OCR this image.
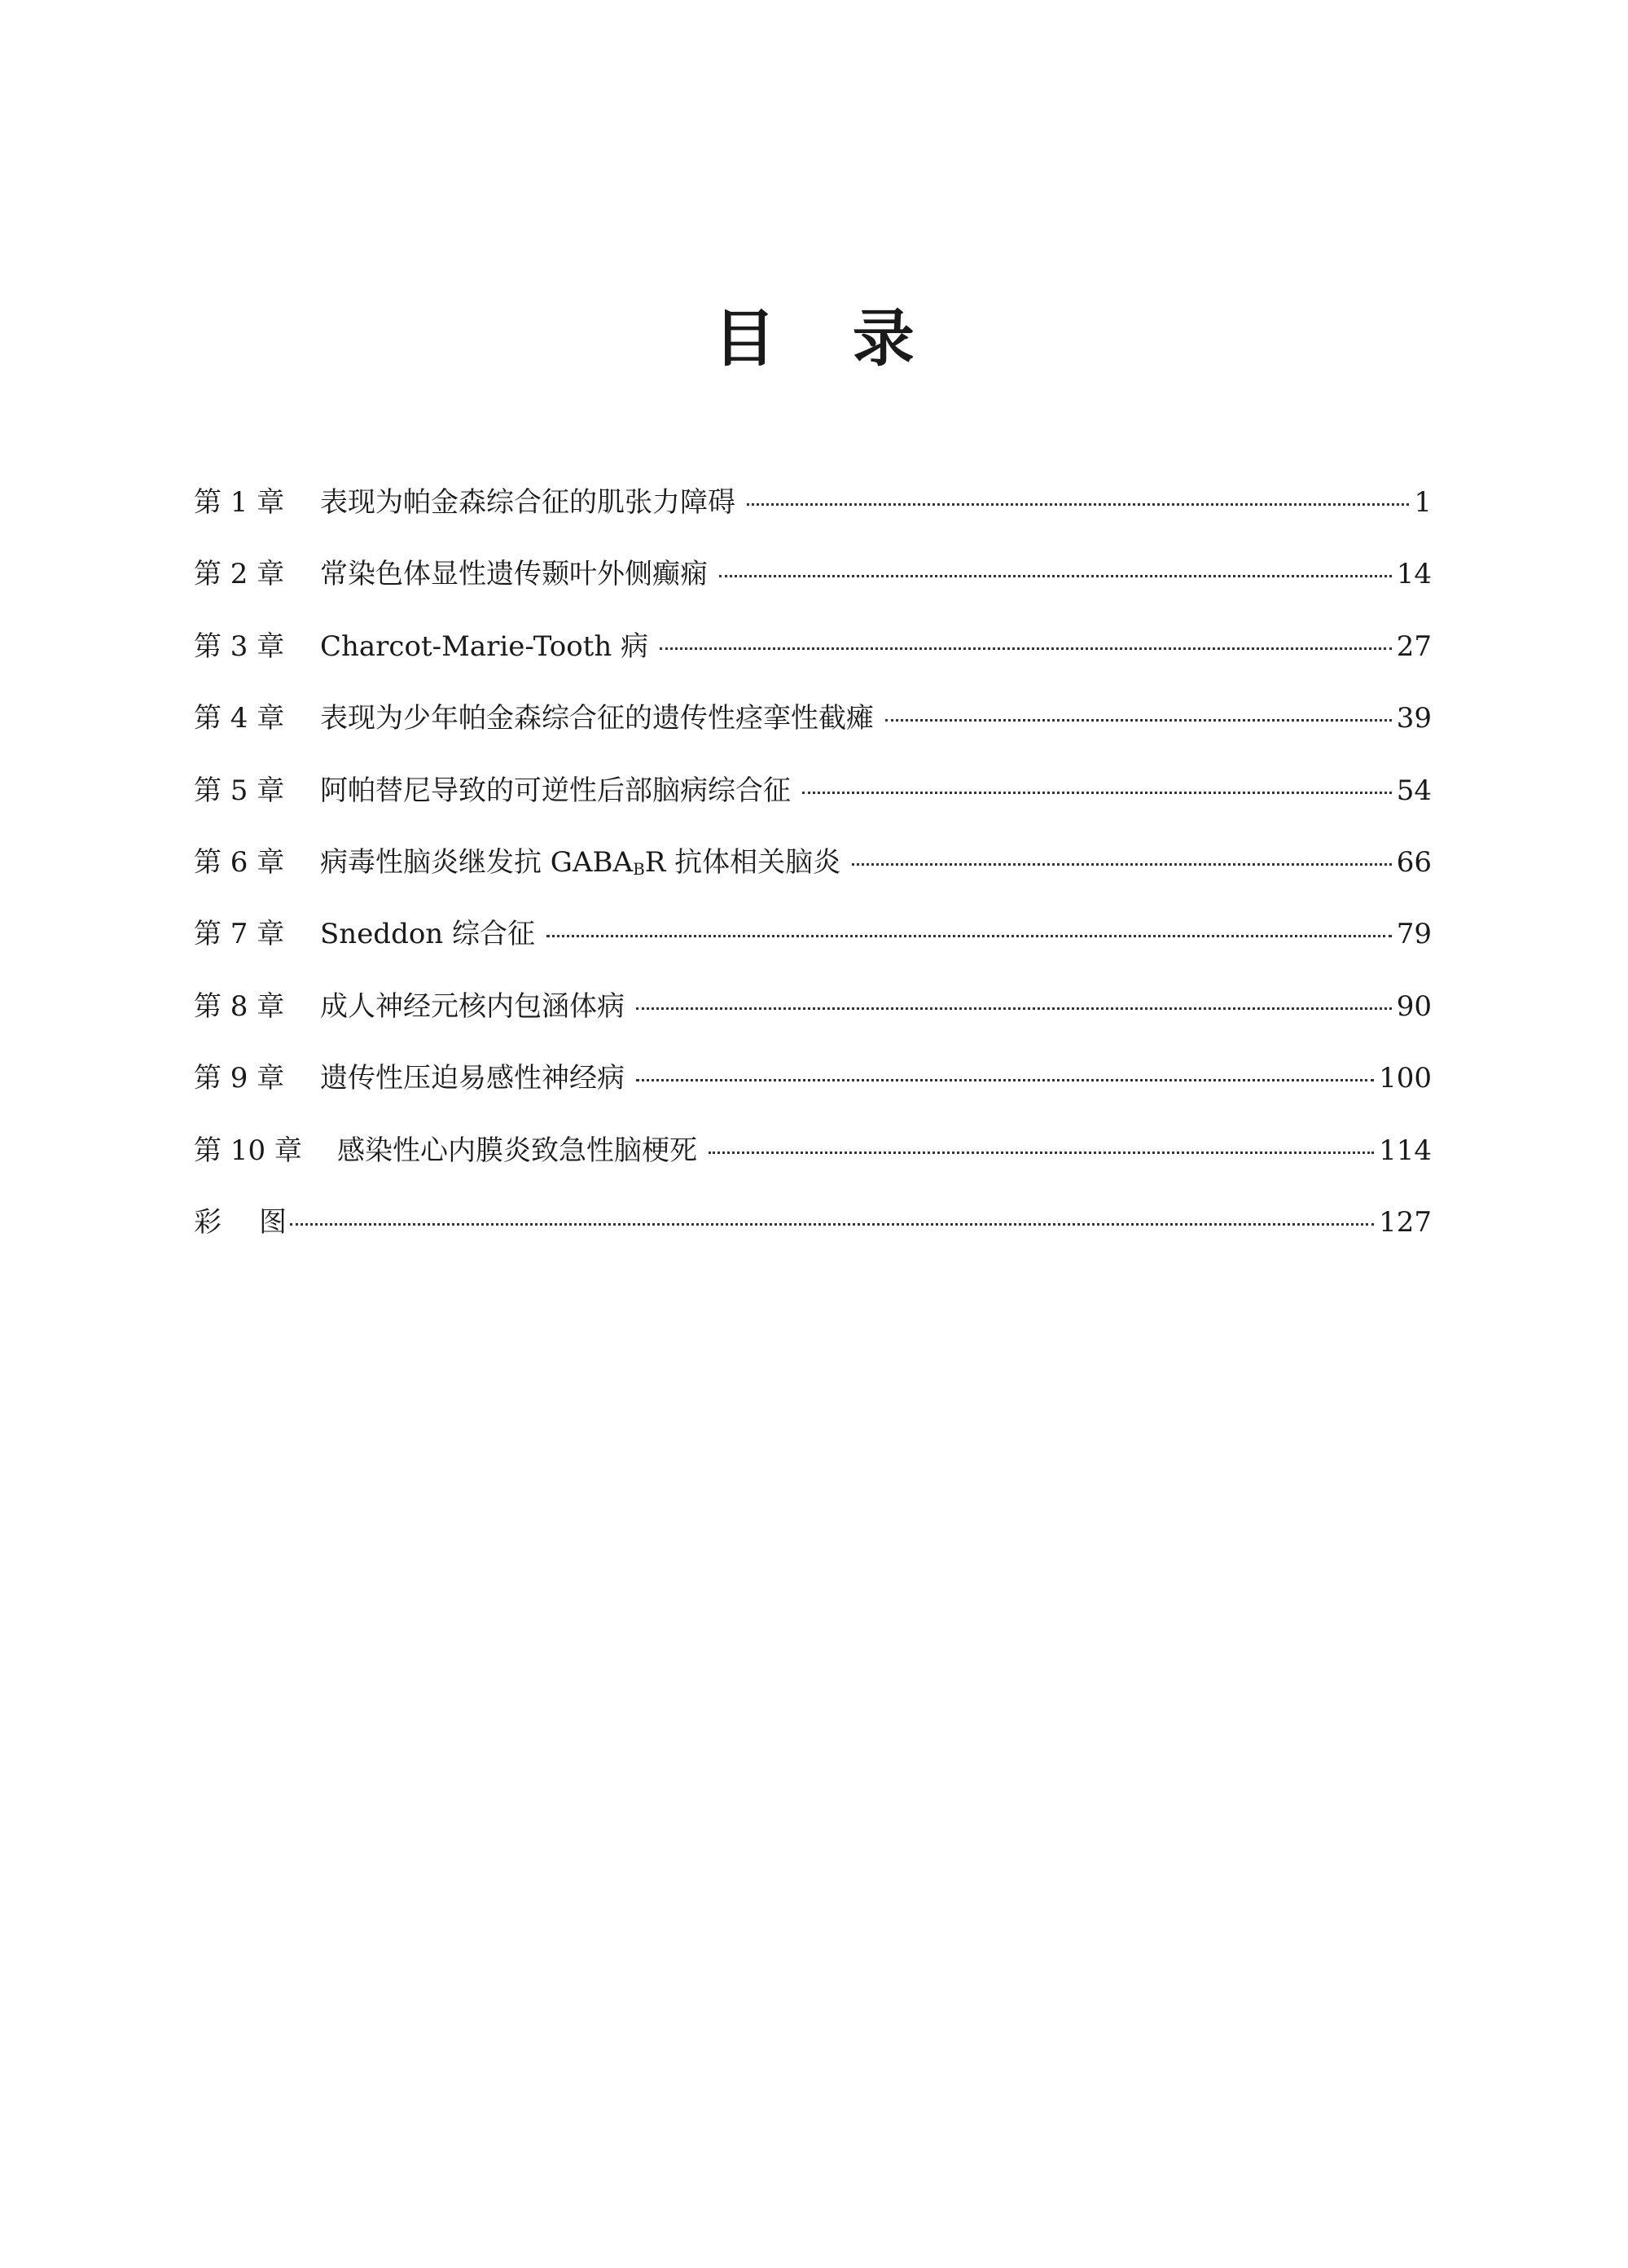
目 录
第 1 章	表现为帕金森综合征的肌张力障碍	1
第 2 章	常染色体显性遗传颞叶外侧癫痫	14
第 3 章	Charcot-Marie-Tooth 病	27
第 4 章	表现为少年帕金森综合征的遗传性痉挛性截瘫	39
第 5 章	阿帕替尼导致的可逆性后部脑病综合征	54
第 6 章	病毒性脑炎继发抗 $GABA_BR$ 抗体相关脑炎	66
第 7 章	Sneddon 综合征	79
第 8 章	成人神经元核内包涵体病	90
第 9 章	遗传性压迫易感性神经病	100
第 10 章	感染性心内膜炎致急性脑梗死	114
彩 图	127
